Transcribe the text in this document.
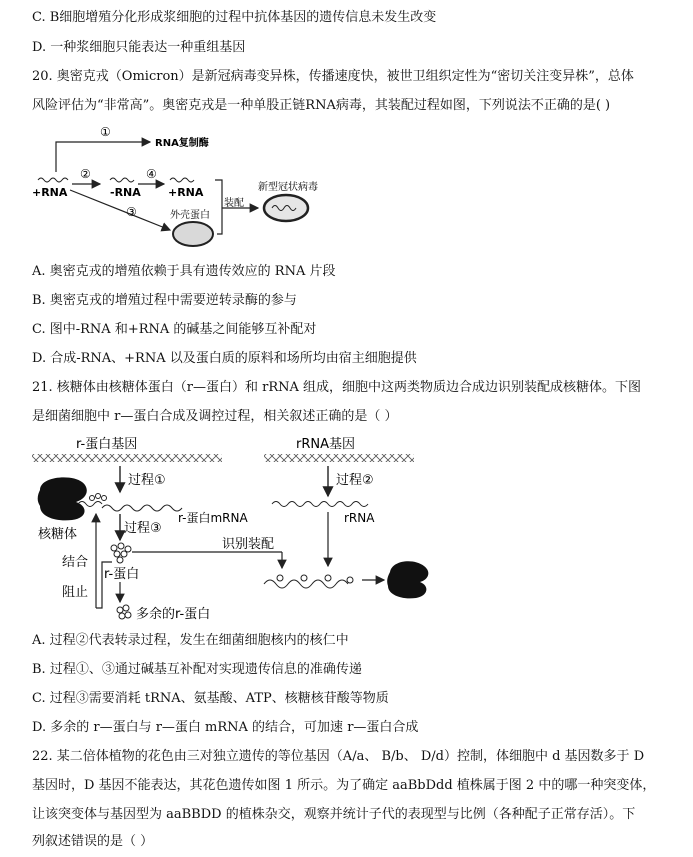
C. B细胞增殖分化形成浆细胞的过程中抗体基因的遗传信息未发生改变
D. 一种浆细胞只能表达一种重组基因
20. 奥密克戎（Omicron）是新冠病毒变异株，传播速度快，被世卫组织定性为“密切关注变异株”，总体
风险评估为“非常高”。奥密克戎是一种单股正链RNA病毒，其装配过程如图，下列说法不正确的是( )
①
RNA复制酶
+RNA
②
-RNA
④
+RNA
③	外壳蛋白
装配
新型冠状病毒
A. 奥密克戎的增殖依赖于具有遗传效应的 RNA 片段
B. 奥密克戎的增殖过程中需要逆转录酶的参与
C. 图中-RNA 和+RNA 的碱基之间能够互补配对
D. 合成-RNA、+RNA 以及蛋白质的原料和场所均由宿主细胞提供
21. 核糖体由核糖体蛋白（r—蛋白）和 rRNA 组成，细胞中这两类物质边合成边识别装配成核糖体。下图
是细菌细胞中 r—蛋白合成及调控过程，相关叙述正确的是（ ）
r-蛋白基因	rRNA基因
过程①	过程②
核糖体
r-蛋白mRNA	rRNA
过程③
识别装配
结合
阻止
r-蛋白
多余的r-蛋白
A. 过程②代表转录过程，发生在细菌细胞核内的核仁中
B. 过程①、③通过碱基互补配对实现遗传信息的准确传递
C. 过程③需要消耗 tRNA、氨基酸、ATP、核糖核苷酸等物质
D. 多余的 r—蛋白与 r—蛋白 mRNA 的结合，可加速 r—蛋白合成
22. 某二倍体植物的花色由三对独立遗传的等位基因（A/a、 B/b、 D/d）控制，体细胞中 d 基因数多于 D
基因时，D 基因不能表达，其花色遗传如图 1 所示。为了确定 aaBbDdd 植株属于图 2 中的哪一种突变体，
让该突变体与基因型为 aaBBDD 的植株杂交，观察并统计子代的表现型与比例（各种配子正常存活）。下
列叙述错误的是（ ）
